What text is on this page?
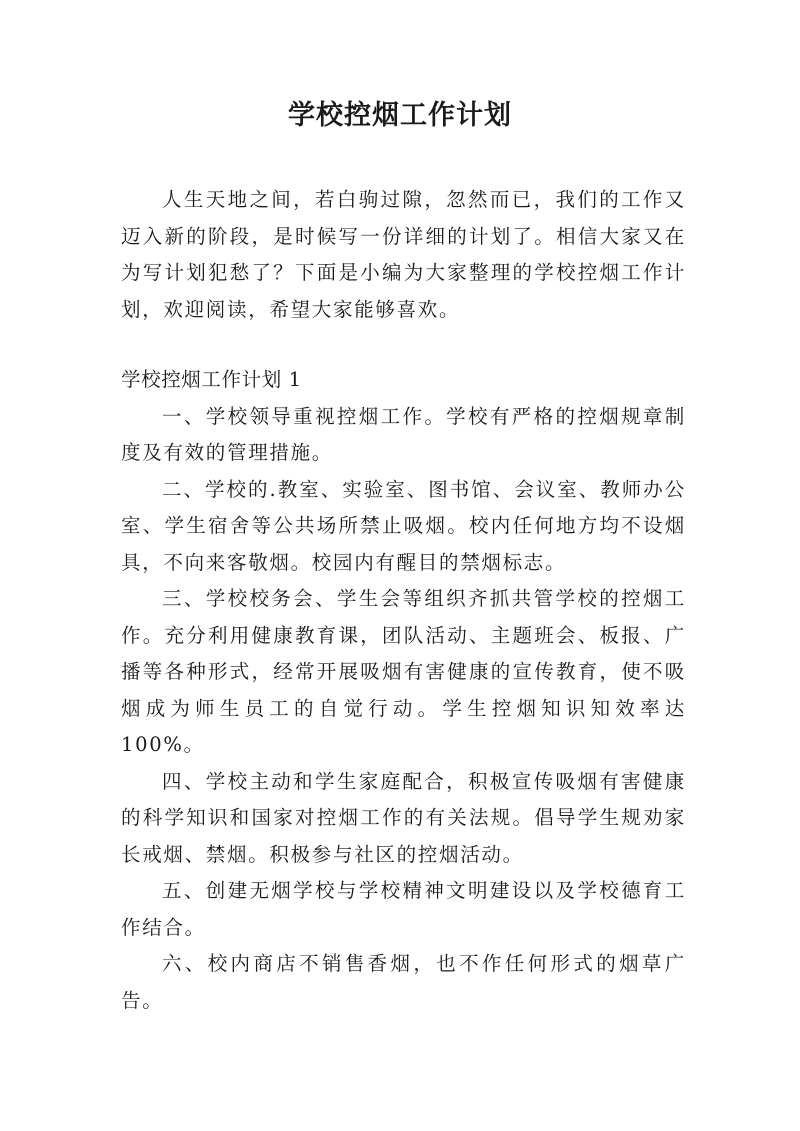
学校控烟工作计划

人生天地之间，若白驹过隙，忽然而已，我们的工作又迈入新的阶段，是时候写一份详细的计划了。相信大家又在为写计划犯愁了？下面是小编为大家整理的学校控烟工作计划，欢迎阅读，希望大家能够喜欢。

学校控烟工作计划 1

一、学校领导重视控烟工作。学校有严格的控烟规章制度及有效的管理措施。

二、学校的.教室、实验室、图书馆、会议室、教师办公室、学生宿舍等公共场所禁止吸烟。校内任何地方均不设烟具，不向来客敬烟。校园内有醒目的禁烟标志。

三、学校校务会、学生会等组织齐抓共管学校的控烟工作。充分利用健康教育课，团队活动、主题班会、板报、广播等各种形式，经常开展吸烟有害健康的宣传教育，使不吸烟成为师生员工的自觉行动。学生控烟知识知效率达 100%。

四、学校主动和学生家庭配合，积极宣传吸烟有害健康的科学知识和国家对控烟工作的有关法规。倡导学生规劝家长戒烟、禁烟。积极参与社区的控烟活动。

五、创建无烟学校与学校精神文明建设以及学校德育工作结合。

六、校内商店不销售香烟，也不作任何形式的烟草广告。
